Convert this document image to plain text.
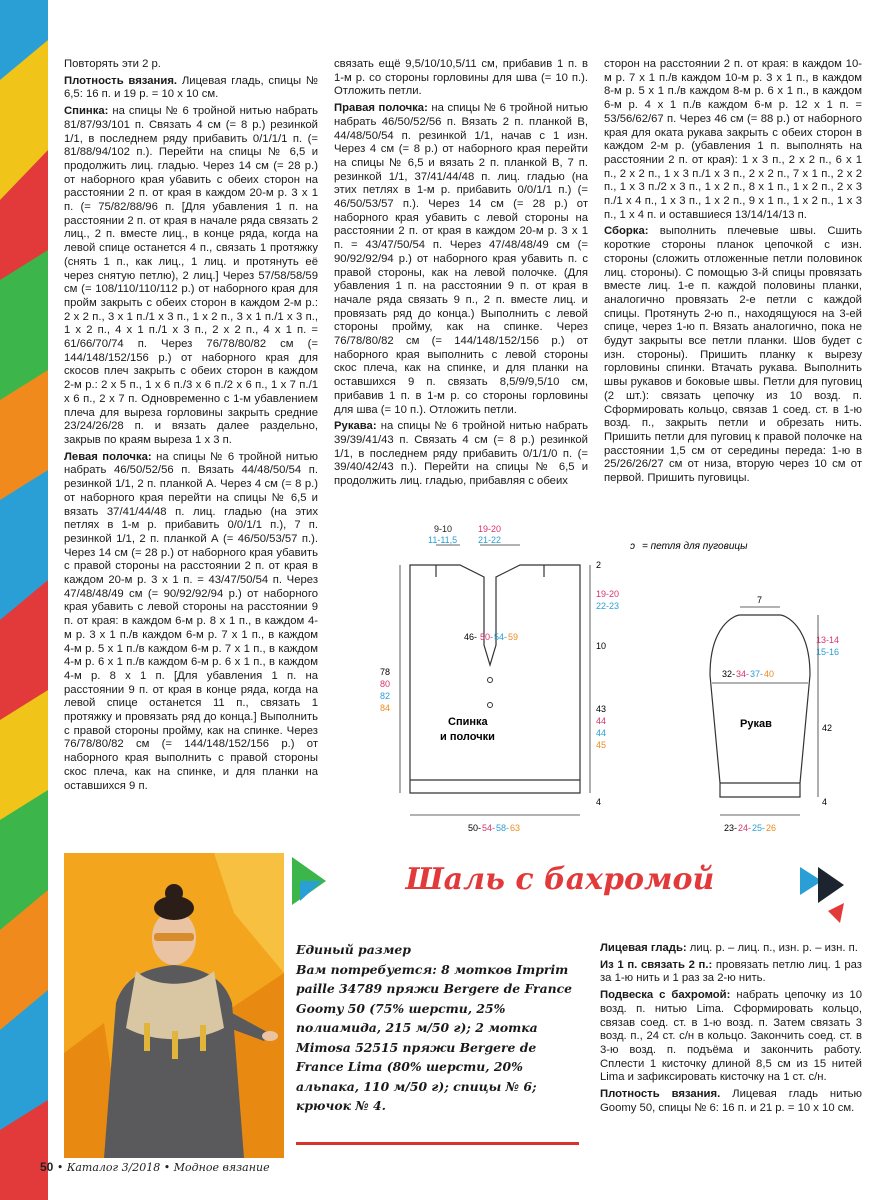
Повторять эти 2 р.

Плотность вязания. Лицевая гладь, спицы № 6,5: 16 п. и 19 р. = 10 х 10 см.

Спинка: на спицы № 6 тройной нитью набрать 81/87/93/101 п. Связать 4 см (= 8 р.) резинкой 1/1, в последнем ряду прибавить 0/1/1/1 п. (= 81/88/94/102 п.). Перейти на спицы № 6,5 и продолжить лиц. гладью. Через 14 см (= 28 р.) от наборного края убавить с обеих сторон на расстоянии 2 п. от края в каждом 20-м р. 3 х 1 п. (= 75/82/88/96 п. [Для убавления 1 п. на расстоянии 2 п. от края в начале ряда связать 2 лиц., 2 п. вместе лиц., в конце ряда, когда на левой спице останется 4 п., связать 1 протяжку (снять 1 п., как лиц., 1 лиц. и протянуть её через снятую петлю), 2 лиц.] Через 57/58/58/59 см (= 108/110/110/112 р.) от наборного края для пройм закрыть с обеих сторон в каждом 2-м р.: 2 х 2 п., 3 х 1 п./1 х 3 п., 1 х 2 п., 3 х 1 п./1 х 3 п., 1 х 2 п., 4 х 1 п./1 х 3 п., 2 х 2 п., 4 х 1 п. = 61/66/70/74 п. Через 76/78/80/82 см (= 144/148/152/156 р.) от наборного края для скосов плеч закрыть с обеих сторон в каждом 2-м р.: 2 х 5 п., 1 х 6 п./3 х 6 п./2 х 6 п., 1 х 7 п./1 х 6 п., 2 х 7 п. Одновременно с 1-м убавлением плеча для выреза горловины закрыть средние 23/24/26/28 п. и вязать далее раздельно, закрыв по краям выреза 1 х 3 п.

Левая полочка: на спицы № 6 тройной нитью набрать 46/50/52/56 п. Вязать 44/48/50/54 п. резинкой 1/1, 2 п. планкой А. Через 4 см (= 8 р.) от наборного края перейти на спицы № 6,5 и вязать 37/41/44/48 п. лиц. гладью (на этих петлях в 1-м р. прибавить 0/0/1/1 п.), 7 п. резинкой 1/1, 2 п. планкой А (= 46/50/53/57 п.). Через 14 см (= 28 р.) от наборного края убавить с правой стороны на расстоянии 2 п. от края в каждом 20-м р. 3 х 1 п. = 43/47/50/54 п. Через 47/48/48/49 см (= 90/92/92/94 р.) от наборного края убавить с левой стороны на расстоянии 9 п. от края: в каждом 6-м р. 8 х 1 п., в каждом 4-м р. 3 х 1 п./в каждом 6-м р. 7 х 1 п., в каждом 4-м р. 5 х 1 п./в каждом 6-м р. 7 х 1 п., в каждом 4-м р. 6 х 1 п./в каждом 6-м р. 6 х 1 п., в каждом 4-м р. 8 х 1 п. [Для убавления 1 п. на расстоянии 9 п. от края в конце ряда, когда на левой спице останется 11 п., связать 1 протяжку и провязать ряд до конца.] Выполнить с правой стороны пройму, как на спинке. Через 76/78/80/82 см (= 144/148/152/156 р.) от наборного края выполнить с правой стороны скос плеча, как на спинке, и для планки на оставшихся 9 п.

связать ещё 9,5/10/10,5/11 см, прибавив 1 п. в 1-м р. со стороны горловины для шва (= 10 п.). Отложить петли.

Правая полочка: на спицы № 6 тройной нитью набрать 46/50/52/56 п. Вязать 2 п. планкой В, 44/48/50/54 п. резинкой 1/1, начав с 1 изн. Через 4 см (= 8 р.) от наборного края перейти на спицы № 6,5 и вязать 2 п. планкой В, 7 п. резинкой 1/1, 37/41/44/48 п. лиц. гладью (на этих петлях в 1-м р. прибавить 0/0/1/1 п.) (= 46/50/53/57 п.). Через 14 см (= 28 р.) от наборного края убавить с левой стороны на расстоянии 2 п. от края в каждом 20-м р. 3 х 1 п. = 43/47/50/54 п. Через 47/48/48/49 см (= 90/92/92/94 р.) от наборного края убавить п. с правой стороны, как на левой полочке. (Для убавления 1 п. на расстоянии 9 п. от края в начале ряда связать 9 п., 2 п. вместе лиц. и провязать ряд до конца.) Выполнить с левой стороны пройму, как на спинке. Через 76/78/80/82 см (= 144/148/152/156 р.) от наборного края выполнить с левой стороны скос плеча, как на спинке, и для планки на оставшихся 9 п. связать 8,5/9/9,5/10 см, прибавив 1 п. в 1-м р. со стороны горловины для шва (= 10 п.). Отложить петли.

Рукава: на спицы № 6 тройной нитью набрать 39/39/41/43 п. Связать 4 см (= 8 р.) резинкой 1/1, в последнем ряду прибавить 0/1/1/0 п. (= 39/40/42/43 п.). Перейти на спицы № 6,5 и продолжить лиц. гладью, прибавляя с обеих

сторон на расстоянии 2 п. от края: в каждом 10-м р. 7 х 1 п./в каждом 10-м р. 3 х 1 п., в каждом 8-м р. 5 х 1 п./в каждом 8-м р. 6 х 1 п., в каждом 6-м р. 4 х 1 п./в каждом 6-м р. 12 х 1 п. = 53/56/62/67 п. Через 46 см (= 88 р.) от наборного края для оката рукава закрыть с обеих сторон в каждом 2-м р. (убавления 1 п. выполнять на расстоянии 2 п. от края): 1 х 3 п., 2 х 2 п., 6 х 1 п., 2 х 2 п., 1 х 3 п./1 х 3 п., 2 х 2 п., 7 х 1 п., 2 х 2 п., 1 х 3 п./2 х 3 п., 1 х 2 п., 8 х 1 п., 1 х 2 п., 2 х 3 п./1 х 4 п., 1 х 3 п., 1 х 2 п., 9 х 1 п., 1 х 2 п., 1 х 3 п., 1 х 4 п. и оставшиеся 13/14/14/13 п.

Сборка: выполнить плечевые швы. Сшить короткие стороны планок цепочкой с изн. стороны (сложить отложенные петли половинок лиц. стороны). С помощью 3-й спицы провязать вместе лиц. 1-е п. каждой половины планки, аналогично провязать 2-е петли с каждой спицы. Протянуть 2-ю п., находящуюся на 3-ей спице, через 1-ю п. Вязать аналогично, пока не будут закрыты все петли планки. Шов будет с изн. стороны). Пришить планку к вырезу горловины спинки. Втачать рукава. Выполнить швы рукавов и боковые швы. Петли для пуговиц (2 шт.): связать цепочку из 10 возд. п. Сформировать кольцо, связав 1 соед. ст. в 1-ю возд. п., закрыть петли и обрезать нить. Пришить петли для пуговиц к правой полочке на расстоянии 1,5 см от середины переда: 1-ю в 25/26/26/27 см от низа, вторую через 10 см от первой. Пришить пуговицы.

ɔ = петля для пуговицы
Спинка
и полочки
Рукав
9-10
11-11,5
19-20
21-22
2
19-20
22-23
10
43
44
44
45
4
46- 50- 54- 59
78
80
82
84
50- 54- 58- 63
7
13-14
15-16
32- 34- 37- 40
42
4
23- 24- 25- 26
Шаль с бахромой

Единый размер

Вам потребуется: 8 мотков Imprim paille 34789 пряжи Bergere de France Goomy 50 (75% шерсти, 25% полиамида, 215 м/50 г); 2 мотка Mimosa 52515 пряжи Bergere de France Lima (80% шерсти, 20% альпака, 110 м/50 г); спицы № 6; крючок № 4.

Лицевая гладь: лиц. р. – лиц. п., изн. р. – изн. п.

Из 1 п. связать 2 п.: провязать петлю лиц. 1 раз за 1-ю нить и 1 раз за 2-ю нить.

Подвеска с бахромой: набрать цепочку из 10 возд. п. нитью Lima. Сформировать кольцо, связав соед. ст. в 1-ю возд. п. Затем связать 3 возд. п., 24 ст. с/н в кольцо. Закончить соед. ст. в 3-ю возд. п. подъёма и закончить работу. Сплести 1 кисточку длиной 8,5 см из 15 нитей Lima и зафиксировать кисточку на 1 ст. с/н.

Плотность вязания. Лицевая гладь нитью Goomy 50, спицы № 6: 16 п. и 21 р. = 10 х 10 см.

50 • Каталог 3/2018 • Модное вязание
